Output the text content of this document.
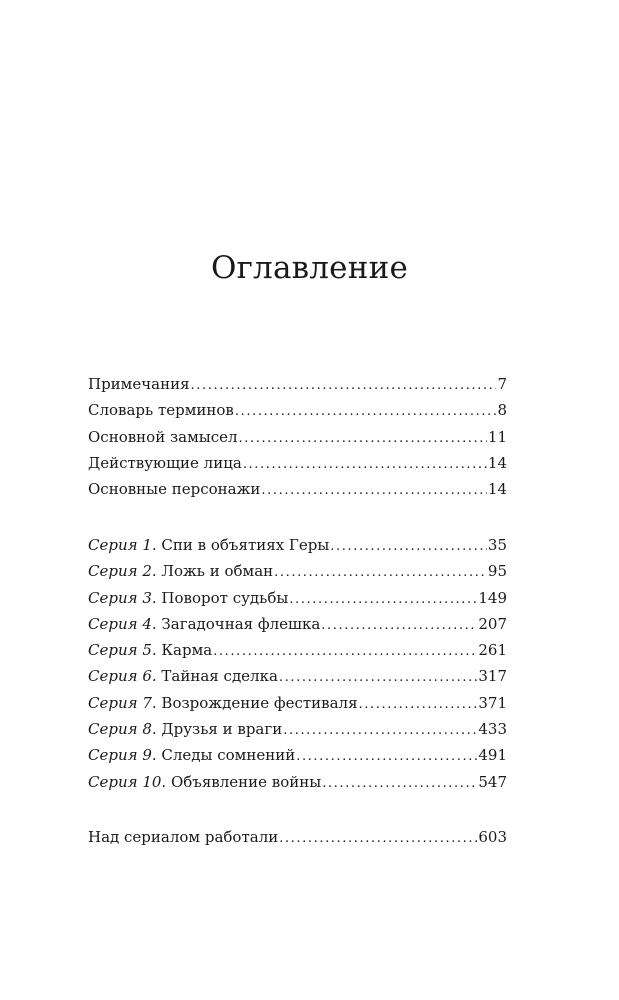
Оглавление
Примечания .....	7
Словарь терминов .....	8
Основной замысел .....	11
Действующие лица .....	14
Основные персонажи .....	14
Серия 1. Спи в объятиях Геры .....	35
Серия 2. Ложь и обман .....	95
Серия 3. Поворот судьбы .....	149
Серия 4. Загадочная флешка .....	207
Серия 5. Карма .....	261
Серия 6. Тайная сделка .....	317
Серия 7. Возрождение фестиваля .....	371
Серия 8. Друзья и враги .....	433
Серия 9. Следы сомнений .....	491
Серия 10. Объявление войны .....	547
Над сериалом работали .....	603
